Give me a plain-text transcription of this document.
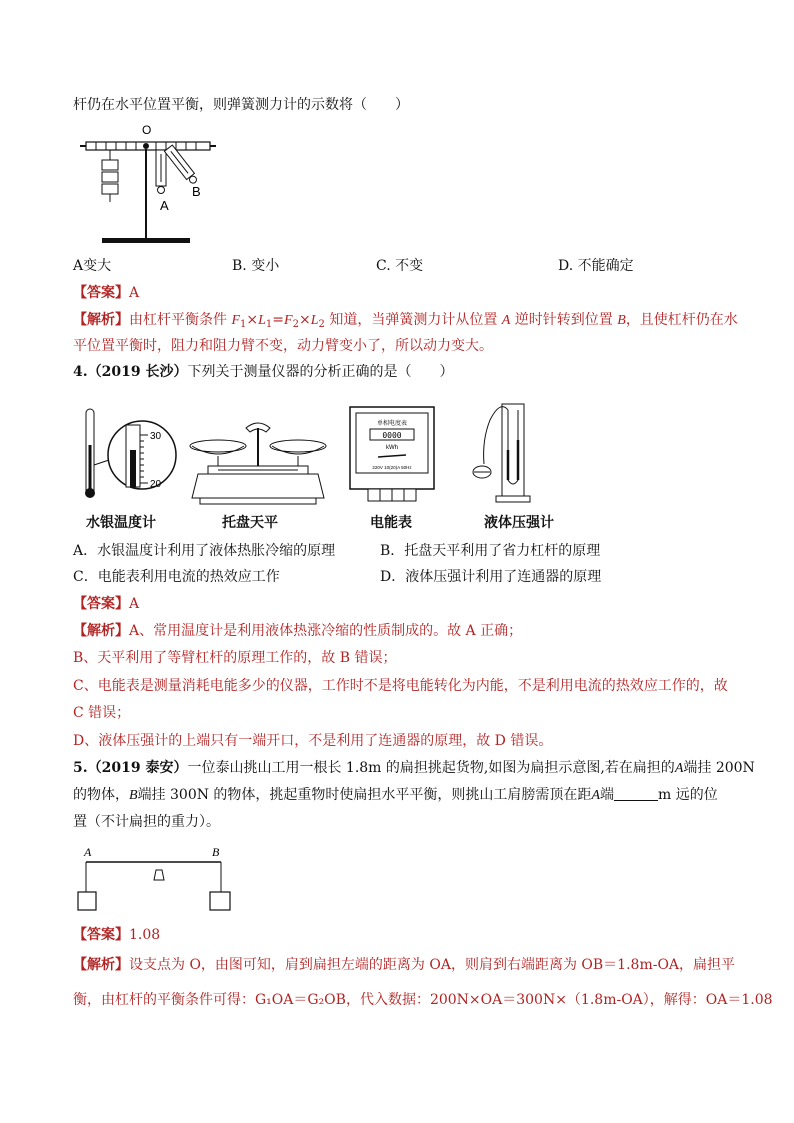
杆仍在水平位置平衡，则弹簧测力计的示数将（　　）
O
A
B
A变大	B. 变小	C. 不变	D. 不能确定
【答案】A
【解析】由杠杆平衡条件 $F_1\times L_1=F_2\times L_2$ 知道，当弹簧测力计从位置 A 逆时针转到位置 B，且使杠杆仍在水
平位置平衡时，阻力和阻力臂不变，动力臂变小了，所以动力变大。
4.（2019 长沙）下列关于测量仪器的分析正确的是（　　）
30
20
水银温度计	托盘天平
单相电度表
0000
kWh
220V 10(20)A 50Hz
电能表	液体压强计
A．水银温度计利用了液体热胀冷缩的原理	B．托盘天平利用了省力杠杆的原理
C．电能表利用电流的热效应工作	D．液体压强计利用了连通器的原理
【答案】A
【解析】A、常用温度计是利用液体热涨冷缩的性质制成的。故 A 正确；
B、天平利用了等臂杠杆的原理工作的，故 B 错误；
C、电能表是测量消耗电能多少的仪器，工作时不是将电能转化为内能，不是利用电流的热效应工作的，故
C 错误；
D、液体压强计的上端只有一端开口，不是利用了连通器的原理，故 D 错误。
5.（2019 泰安）一位泰山挑山工用一根长 1.8m 的扁担挑起货物,如图为扁担示意图,若在扁担的A端挂 200N
的物体，B端挂 300N 的物体，挑起重物时使扁担水平平衡，则挑山工肩膀需顶在距A端	m 远的位
置（不计扁担的重力）。
A	B
【答案】1.08
【解析】设支点为 O，由图可知，肩到扁担左端的距离为 OA，则肩到右端距离为 OB＝1.8m-OA，扁担平
衡，由杠杆的平衡条件可得：G₁OA＝G₂OB，代入数据：200N×OA＝300N×（1.8m-OA），解得：OA＝1.08
